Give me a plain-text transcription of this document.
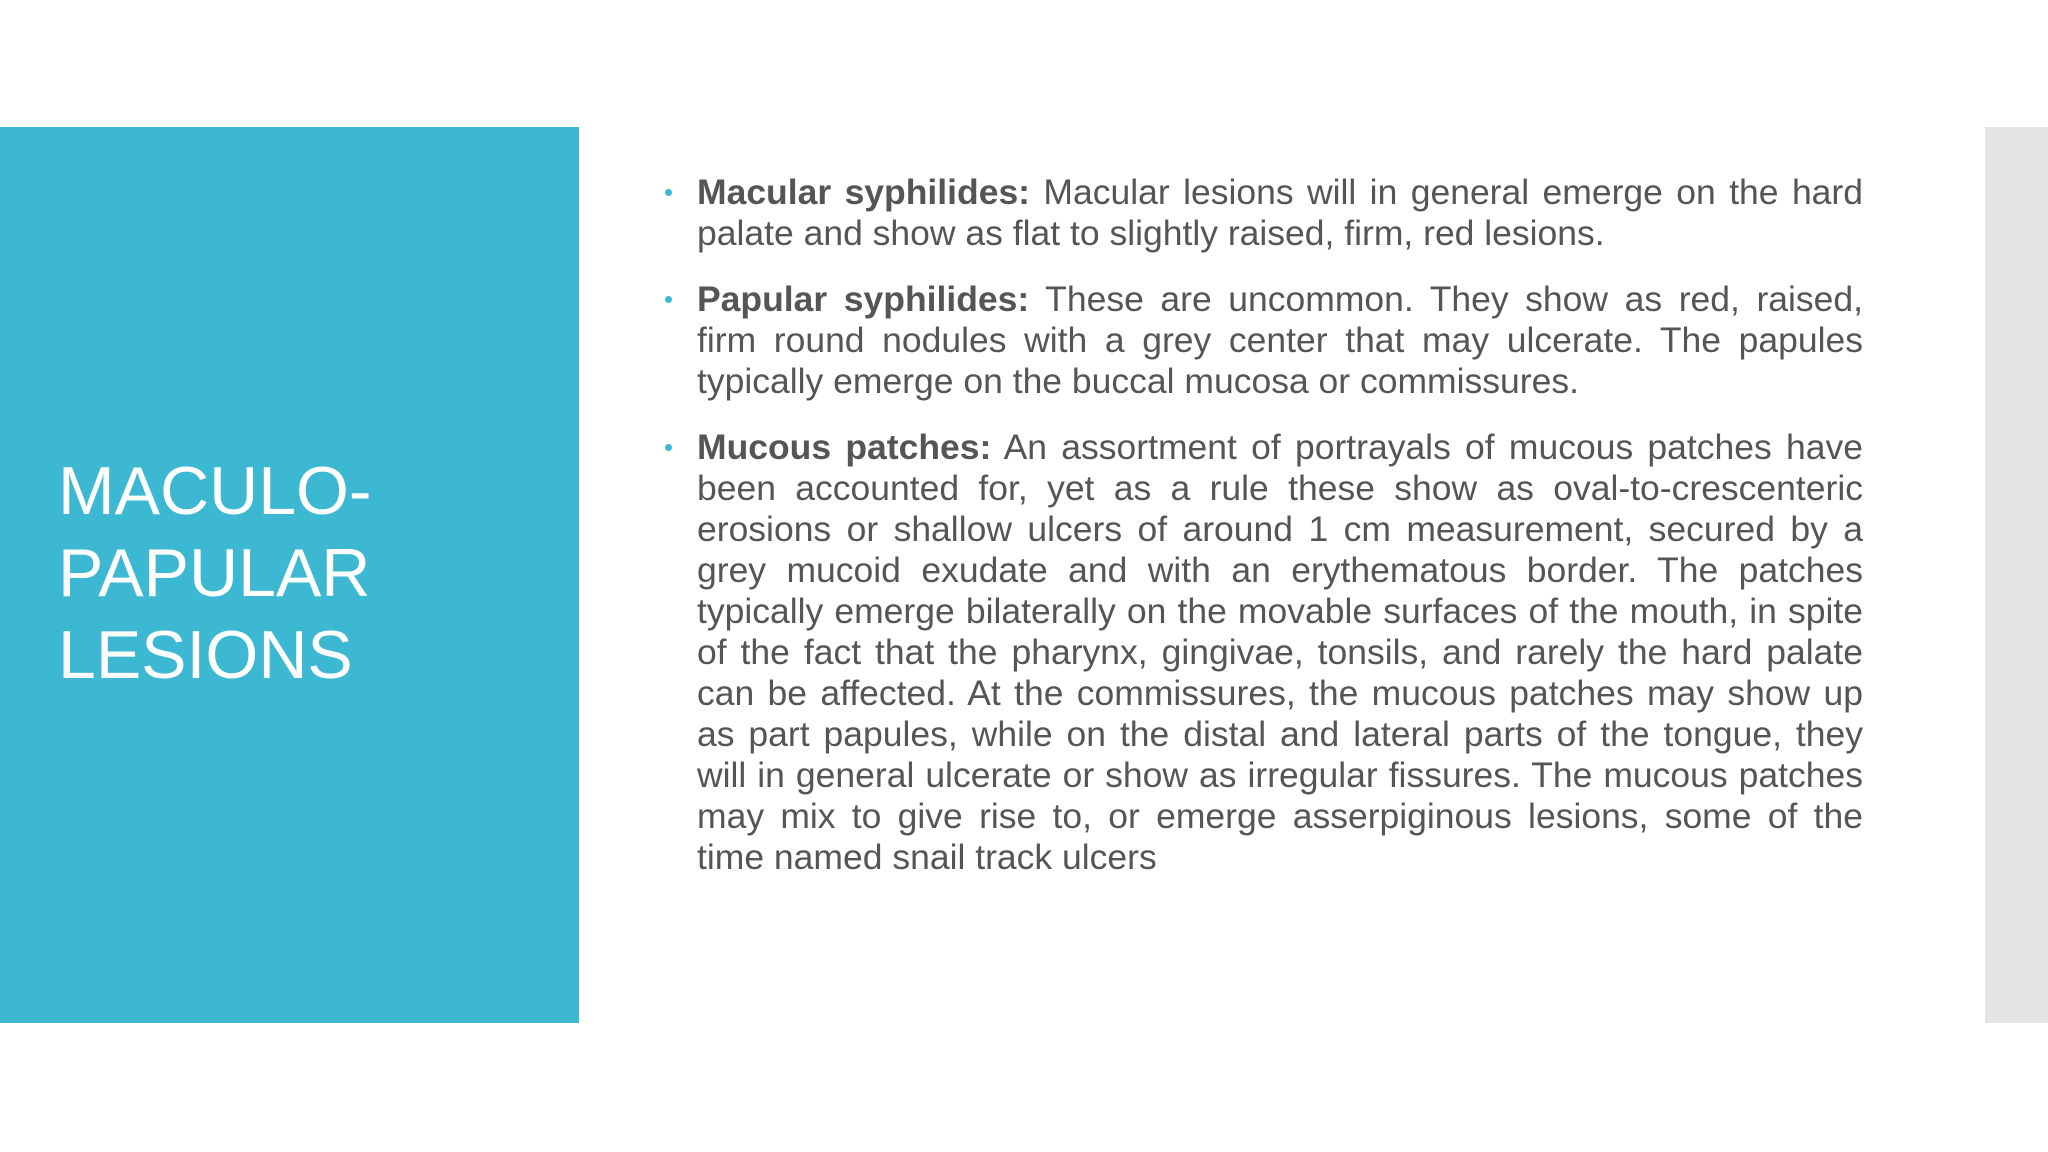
MACULO-PAPULAR LESIONS
Macular syphilides: Macular lesions will in general emerge on the hard palate and show as flat to slightly raised, firm, red lesions.
Papular syphilides: These are uncommon. They show as red, raised, firm round nodules with a grey center that may ulcerate. The papules typically emerge on the buccal mucosa or commissures.
Mucous patches: An assortment of portrayals of mucous patches have been accounted for, yet as a rule these show as oval-to-crescenteric erosions or shallow ulcers of around 1 cm measurement, secured by a grey mucoid exudate and with an erythematous border. The patches typically emerge bilaterally on the movable surfaces of the mouth, in spite of the fact that the pharynx, gingivae, tonsils, and rarely the hard palate can be affected. At the commissures, the mucous patches may show up as part papules, while on the distal and lateral parts of the tongue, they will in general ulcerate or show as irregular fissures. The mucous patches may mix to give rise to, or emerge asserpiginous lesions, some of the time named snail track ulcers
